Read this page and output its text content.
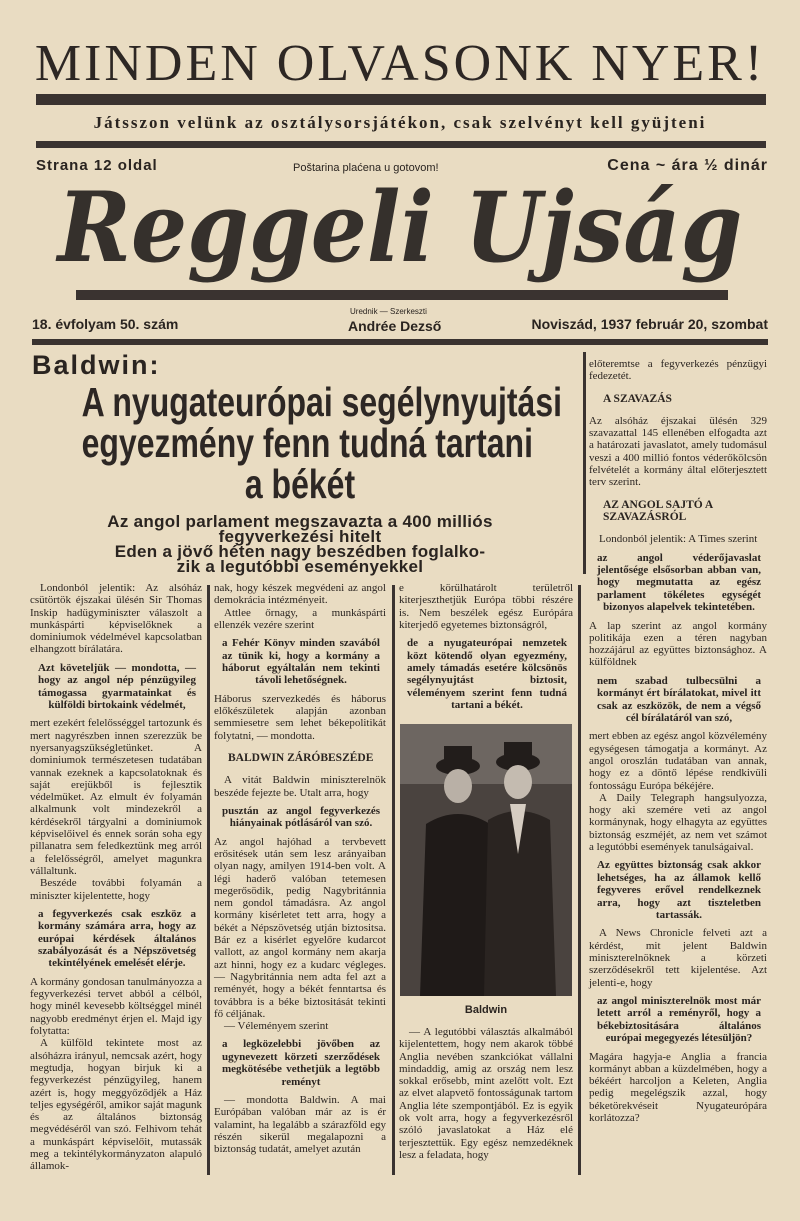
MINDEN OLVASONK NYER!
Játsszon velünk az osztálysorsjátékon, csak szelvényt kell gyüjteni
Strana 12 oldal	Poštarina plaćena u gotovom!	Cena ~ ára ½ dinár
Reggeli Ujság
18. évfolyam 50. szám
Urednik — Szerkeszti
Andrée Dezső	Noviszád, 1937 február 20, szombat
Baldwin:
A nyugateurópai segélynyujtási
egyezmény fenn tudná tartani
a békét
Az angol parlament megszavazta a 400 milliós
fegyverkezési hitelt
Eden a jövő héten nagy beszédben foglalko-
zik a legutóbbi eseményekkel

Londonból jelentik: Az alsóház csütörtök éjszakai ülésén Sir Thomas Inskip hadügyminiszter válaszolt a munkáspárti képviselőknek a dominiumok védelmével kapcsolatban elhangzott bírálatára.

Azt követeljük — mondotta, — hogy az angol nép pénzügyileg támogassa gyarmatainkat és külföldi birtokaink védelmét,

mert ezekért felelősséggel tartozunk és mert nagyrészben innen szerezzük be nyersanyagszükségletünket. A dominiumok természetesen tudatában vannak ezeknek a kapcsolatoknak és saját erejükből is fejlesztik védelmüket. Az elmult év folyamán alkalmunk volt mindezekről a kérdésekről tárgyalni a dominiumok képviselőivel és ennek során soha egy pillanatra sem feledkeztünk meg arról a felelősségről, amelyet magunkra vállaltunk.

Beszéde további folyamán a miniszter kijelentette, hogy

a fegyverkezés csak eszköz a kormány számára arra, hogy az európai kérdések általános szabályozását és a Népszövetség tekintélyének emelését elérje.

A kormány gondosan tanulmányozza a fegyverkezési tervet abból a célból, hogy minél kevesebb költséggel minél nagyobb eredményt érjen el. Majd igy folytatta:

A külföld tekintete most az alsóházra irányul, nemcsak azért, hogy megtudja, hogyan birjuk ki a fegyverkezést pénzügyileg, hanem azért is, hogy meggyőződjék a Ház teljes egységéről, amikor saját magunk és az általános biztonság megvédéséről van szó. Felhivom tehát a munkáspárt képviselőit, mutassák meg a tekintélykormányzaton alapuló államok-

nak, hogy készek megvédeni az angol demokrácia intézményeit.

Attlee őrnagy, a munkáspárti ellenzék vezére szerint

a Fehér Könyv minden szavából az tünik ki, hogy a kormány a háborut egyáltalán nem tekinti távoli lehetőségnek.

Háborus szervezkedés és háborus előkészületek alapján azonban semmiesetre sem lehet békepolitikát folytatni, — mondotta.

BALDWIN ZÁRÓBESZÉDE

A vitát Baldwin miniszterelnök beszéde fejezte be. Utalt arra, hogy

pusztán az angol fegyverkezés hiányainak pótlásáról van szó.

Az angol hajóhad a tervbevett erősitések után sem lesz arányaiban olyan nagy, amilyen 1914-ben volt. A légi haderő valóban tetemesen megerősödik, pedig Nagybritánnia nem gondol támadásra. Az angol kormány kisérletet tett arra, hogy a békét a Népszövetség utján biztositsa. Bár ez a kisérlet egyelőre kudarcot vallott, az angol kormány nem akarja azt hinni, hogy ez a kudarc végleges. — Nagybritánnia nem adta fel azt a reményét, hogy a békét fenntartsa és továbbra is a béke biztositását tekinti fő céljának.

— Véleményem szerint

a legközelebbi jövőben az ugynevezett körzeti szerződések megkötésébe vethetjük a legtöbb reményt

— mondotta Baldwin. A mai Európában valóban már az is ér valamint, ha legalább a szárazföld egy részén sikerül megalapozni a biztonság tudatát, amelyet azután

e körülhatárolt területről kiterjeszthetjük Európa többi részére is. Nem beszélek egész Európára kiterjedő egyetemes biztonságról,

de a nyugateurópai nemzetek közt kötendő olyan egyezmény, amely támadás esetére kölcsönös segélynyujtást biztosit, véleményem szerint fenn tudná tartani a békét.
Baldwin

— A legutóbbi választás alkalmából kijelentettem, hogy nem akarok többé Anglia nevében szankciókat vállalni mindaddig, amig az ország nem lesz sokkal erősebb, mint azelőtt volt. Ezt az elvet alapvető fontosságunak tartom Anglia léte szempontjából. Ez is egyik ok volt arra, hogy a fegyverkezésről szóló javaslatokat a Ház elé terjesztettük. Egy egész nemzedéknek lesz a feladata, hogy

előteremtse a fegyverkezés pénzügyi fedezetét.

A SZAVAZÁS

Az alsóház éjszakai ülésén 329 szavazattal 145 ellenében elfogadta azt a határozati javaslatot, amely tudomásul veszi a 400 millió fontos véderőkölcsön felvételét a kormány által előterjesztett terv szerint.

AZ ANGOL SAJTÓ A SZAVAZÁSRÓL

Londonból jelentik: A Times szerint

az angol véderőjavaslat jelentősége elsősorban abban van, hogy megmutatta az egész parlament tökéletes egységét bizonyos alapelvek tekintetében.

A lap szerint az angol kormány politikája ezen a téren nagyban hozzájárul az együttes biztonsághoz. A külföldnek

nem szabad tulbecsülni a kormányt ért bírálatokat, mivel itt csak az eszközök, de nem a végső cél bírálatáról van szó,

mert ebben az egész angol közvélemény egységesen támogatja a kormányt. Az angol oroszlán tudatában van annak, hogy ez a döntő lépése rendkivüli fontosságu Európa békéjére.

A Daily Telegraph hangsulyozza, hogy aki szemére veti az angol kormánynak, hogy elhagyta az együttes biztonság eszméjét, az nem vet számot a legutóbbi események tanulságaival.

Az együttes biztonság csak akkor lehetséges, ha az államok kellő fegyveres erővel rendelkeznek arra, hogy azt tiszteletben tartassák.

A News Chronicle felveti azt a kérdést, mit jelent Baldwin miniszterelnöknek a körzeti szerződésekről tett kijelentése. Azt jelenti-e, hogy

az angol miniszterelnök most már letett arról a reményről, hogy a békebiztositására általános európai megegyezés létesüljön?

Magára hagyja-e Anglia a francia kormányt abban a küzdelmében, hogy a békéért harcoljon a Keleten, Anglia pedig megelégszik azzal, hogy béketörekvéseit Nyugateurópára korlátozza?
